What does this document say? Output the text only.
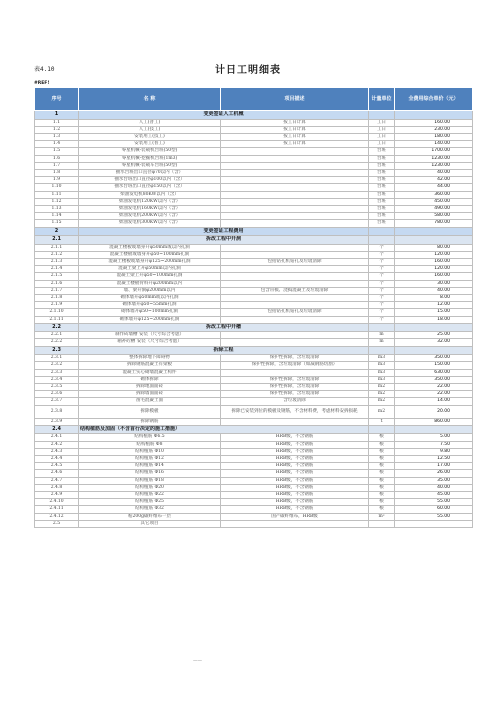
表4.10	计日工明细表
#REF!
序号	名 称	项目描述	计量单位	全费用综合单价（元）
1	变更签证人工机械			
1.1	人工(普工)	按工日计算	工日	160.00
1.2	人工(技工)	按工日计算	工日	230.00
1.3	安装用工(技工)	按工日计算	工日	180.00
1.4	安装用工(普工)	按工日计算	工日	140.00
1.5	零星机械-装载机台班(50型)		台班	1700.00
1.6	零星机械-挖掘机台班(1m3)		台班	1230.00
1.7	零星机械-装载车台班(50型)		台班	1230.00
1.8	抽水台班出口直径φ70以内（含）		台班	40.00
1.9	抽水台班出口直径φ100以内（含）		台班	42.00
1.10	抽水台班出口直径φ150以内（含）		台班	44.00
1.11	柴油发电机80KW以内（含）		台班	360.00
1.12	柴油发电机120KW以内（含）		台班	450.00
1.13	柴油发电机160KW以内（含）		台班	490.00
1.14	柴油发电机200KW以内（含）		台班	580.00
1.15	柴油发电机300KW以内（含）		台班	780.00
2	变更签证工程费用			
2.1	拆改工程中开洞			
2.1.1	混凝土楼板或墙身开φ50mm或以内孔洞		个	80.00
2.1.2	混凝土楼板或墙身开φ50~100mm孔洞		个	120.00
2.1.3	混凝土楼板或墙身开φ125~200mm孔洞	包括钻孔机钻孔及垃圾清除	个	160.00
2.1.4	混凝土梁上开φ50mm以内孔洞		个	120.00
2.1.5	混凝土梁上开φ50~100mm孔洞		个	160.00
2.1.6	混凝土楼板骨料开φ200mm以内		个	30.00
2.1.7	墙、梁开洞φ200mm以内	包含吊模、浇捣混凝土及垃圾清除	个	40.00
2.1.8	砌体墙开φ50mm或以内孔洞		个	8.00
2.1.9	砌体墙开φ50~55mm孔洞		个	12.00
2.1.10	砌体墙开φ50~100mm孔洞	包括钻孔机钻孔及垃圾清除	个	15.00
2.1.11	砌体墙开φ125~200mm孔洞		个	18.00
2.2	拆改工程中开槽			
2.2.1	制作砖墙槽 安装（尺寸综合考虑）		m	25.00
2.2.2	剔补砼槽 安装（尺寸综合考虑）		m	32.00
2.3	拆除工程			
2.3.1	整体拆除地下障碍物	保护性拆除，含垃圾清除	m3	350.00
2.3.2	拆除钢筋混凝土有梁板	保护性拆除，含垃圾清除（如减钢筋切割）	m3	150.00
2.3.3	混凝土实心砌墙混凝土构件		m3	630.00
2.3.4	砌体拆除	保护性拆除，含垃圾清除	m3	350.00
2.3.5	拆除地面面砖	保护性拆除，含垃圾清除	m2	22.00
2.3.6	拆除墙面面砖	保护性拆除，含垃圾清除	m2	22.00
2.3.7	凿毛混凝土面	含垃圾清除	m2	14.00
2.3.8	拆除模板	拆除已安装到位的模板及钢筋，不含材料费，考虑材料安拆损耗	m2	20.00
2.3.9	拆除钢筋		t	860.00
2.4	结构植筋及加固（不含首行决定的施工措施）			
2.4.1	结构植筋 Φ6.5	HRB级，不含钢筋	根	5.00
2.4.2	结构植筋 Φ8	HRB级，不含钢筋	根	7.50
2.4.3	结构植筋 Φ10	HRB级，不含钢筋	根	9.80
2.4.4	结构植筋 Φ12	HRB级，不含钢筋	根	12.50
2.4.5	结构植筋 Φ14	HRB级，不含钢筋	根	17.00
2.4.6	结构植筋 Φ16	HRB级，不含钢筋	根	26.00
2.4.7	结构植筋 Φ18	HRB级，不含钢筋	根	35.00
2.4.8	结构植筋 Φ20	HRB级，不含钢筋	根	40.00
2.4.9	结构植筋 Φ22	HRB级，不含钢筋	根	45.00
2.4.10	结构植筋 Φ25	HRB级，不含钢筋	根	55.00
2.4.11	结构植筋 Φ32	HRB级，不含钢筋	根	60.00
2.4.12	粘200g碳纤维布一层	国产碳纤维布，HRB级	m²	55.00
2.5	其它项目			
——
